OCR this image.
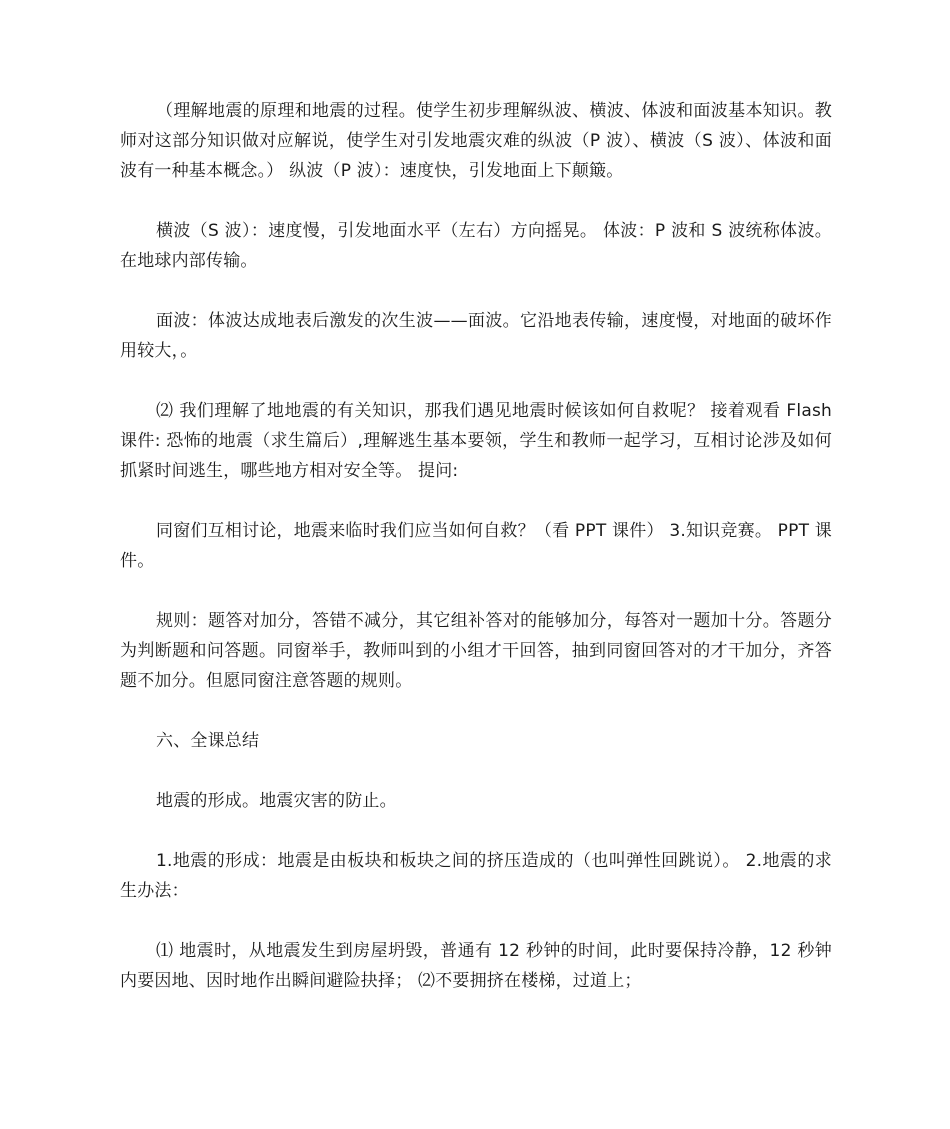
（理解地震的原理和地震的过程。使学生初步理解纵波、横波、体波和面波基本知识。教师对这部分知识做对应解说，使学生对引发地震灾难的纵波（P 波）、横波（S 波）、体波和面波有一种基本概念。） 纵波（P 波）：速度快，引发地面上下颠簸。

横波（S 波）：速度慢，引发地面水平（左右）方向摇晃。 体波：P 波和 S 波统称体波。在地球内部传输。

面波：体波达成地表后激发的次生波——面波。它沿地表传输，速度慢，对地面的破坏作用较大，。

⑵ 我们理解了地地震的有关知识，那我们遇见地震时候该如何自救呢？ 接着观看 Flash 课件: 恐怖的地震（求生篇后）,理解逃生基本要领，学生和教师一起学习，互相讨论涉及如何抓紧时间逃生，哪些地方相对安全等。 提问:

同窗们互相讨论，地震来临时我们应当如何自救？（看 PPT 课件） 3.知识竞赛。 PPT 课件。

规则：题答对加分，答错不减分，其它组补答对的能够加分，每答对一题加十分。答题分为判断题和问答题。同窗举手，教师叫到的小组才干回答，抽到同窗回答对的才干加分，齐答题不加分。但愿同窗注意答题的规则。

六、全课总结

地震的形成。地震灾害的防止。

1.地震的形成：地震是由板块和板块之间的挤压造成的（也叫弹性回跳说）。 2.地震的求生办法：

⑴ 地震时，从地震发生到房屋坍毁，普通有 12 秒钟的时间，此时要保持冷静，12 秒钟内要因地、因时地作出瞬间避险抉择； ⑵不要拥挤在楼梯，过道上；
